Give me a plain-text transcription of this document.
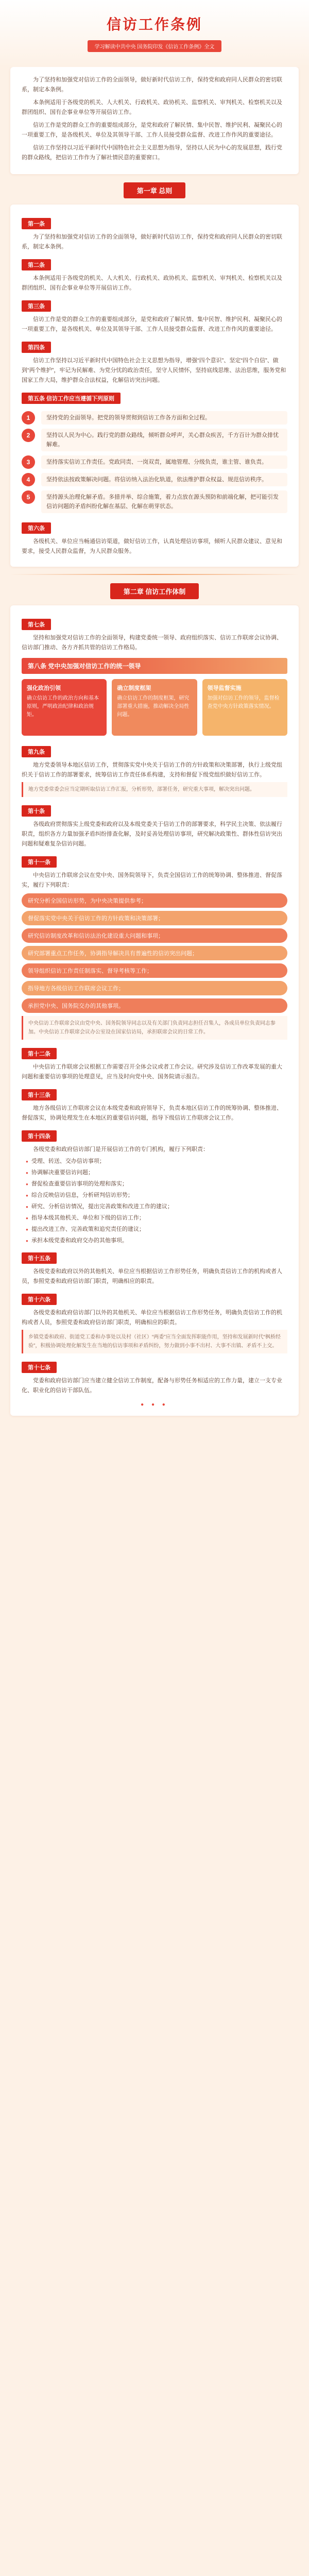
信访工作条例
学习解读中共中央 国务院印发《信访工作条例》全文

为了坚持和加强党对信访工作的全面领导，做好新时代信访工作，保持党和政府同人民群众的密切联系，制定本条例。

本条例适用于各级党的机关、人大机关、行政机关、政协机关、监察机关、审判机关、检察机关以及群团组织、国有企事业单位等开展信访工作。

信访工作是党的群众工作的重要组成部分，是党和政府了解民情、集中民智、维护民利、凝聚民心的一项重要工作，是各级机关、单位及其领导干部、工作人员接受群众监督、改进工作作风的重要途径。

信访工作坚持以习近平新时代中国特色社会主义思想为指导，坚持以人民为中心的发展思想，践行党的群众路线，把信访工作作为了解社情民意的重要窗口。

第一章 总则
第一条

为了坚持和加强党对信访工作的全面领导，做好新时代信访工作，保持党和政府同人民群众的密切联系，制定本条例。

第二条

本条例适用于各级党的机关、人大机关、行政机关、政协机关、监察机关、审判机关、检察机关以及群团组织、国有企事业单位等开展信访工作。

第三条

信访工作是党的群众工作的重要组成部分，是党和政府了解民情、集中民智、维护民利、凝聚民心的一项重要工作，是各级机关、单位及其领导干部、工作人员接受群众监督、改进工作作风的重要途径。

第四条

信访工作坚持以习近平新时代中国特色社会主义思想为指导，增强“四个意识”、坚定“四个自信”、做到“两个维护”，牢记为民解难、为党分忧的政治责任，坚守人民情怀，坚持底线思维、法治思维，服务党和国家工作大局，维护群众合法权益，化解信访突出问题。

第五条 信访工作应当遵循下列原则
1	坚持党的全面领导。把党的领导贯彻到信访工作各方面和全过程。
2	坚持以人民为中心。践行党的群众路线，倾听群众呼声，关心群众疾苦，千方百计为群众排忧解难。
3	坚持落实信访工作责任。党政同责、一岗双责，属地管理、分级负责，谁主管、谁负责。
4	坚持依法按政策解决问题。将信访纳入法治化轨道，依法维护群众权益、规范信访秩序。
5	坚持源头治理化解矛盾。多措并举、综合施策，着力点放在源头预防和前端化解，把可能引发信访问题的矛盾纠纷化解在基层、化解在萌芽状态。
第六条

各级机关、单位应当畅通信访渠道，做好信访工作，认真处理信访事项，倾听人民群众建议、意见和要求，接受人民群众监督，为人民群众服务。

第二章 信访工作体制
第七条

坚持和加强党对信访工作的全面领导，构建党委统一领导、政府组织落实、信访工作联席会议协调、信访部门推动、各方齐抓共管的信访工作格局。

第八条 党中央加强对信访工作的统一领导
强化政治引领
确立信访工作的政治方向和基本原则，严明政治纪律和政治规矩。
确立制度框架
确立信访工作的制度框架，研究部署重大措施，推动解决全局性问题。
领导监督实施
加强对信访工作的领导，监督检查党中央方针政策落实情况。
第九条

地方党委领导本地区信访工作，贯彻落实党中央关于信访工作的方针政策和决策部署，执行上级党组织关于信访工作的部署要求，统筹信访工作责任体系构建，支持和督促下级党组织做好信访工作。

地方党委常委会应当定期听取信访工作汇报，分析形势，部署任务，研究重大事项，解决突出问题。
第十条

各级政府贯彻落实上级党委和政府以及本级党委关于信访工作的部署要求，科学民主决策、依法履行职责，组织各方力量加强矛盾纠纷排查化解，及时妥善处理信访事项，研究解决政策性、群体性信访突出问题和疑难复杂信访问题。

第十一条

中央信访工作联席会议在党中央、国务院领导下，负责全国信访工作的统筹协调、整体推进、督促落实，履行下列职责：

研究分析全国信访形势，为中央决策提供参考；
督促落实党中央关于信访工作的方针政策和决策部署；
研究信访制度改革和信访法治化建设重大问题和事项；
研究部署重点工作任务，协调指导解决具有普遍性的信访突出问题；
领导组织信访工作责任制落实、督导考核等工作；
指导地方各级信访工作联席会议工作；
承担党中央、国务院交办的其他事项。
中央信访工作联席会议由党中央、国务院领导同志以及有关部门负责同志担任召集人，各成员单位负责同志参加。中央信访工作联席会议办公室设在国家信访局，承担联席会议的日常工作。
第十二条

中央信访工作联席会议根据工作需要召开全体会议或者工作会议。研究涉及信访工作改革发展的重大问题和重要信访事项的处理意见，应当及时向党中央、国务院请示报告。

第十三条

地方各级信访工作联席会议在本级党委和政府领导下，负责本地区信访工作的统筹协调、整体推进、督促落实，协调处理发生在本地区的重要信访问题，指导下级信访工作联席会议工作。

第十四条

各级党委和政府信访部门是开展信访工作的专门机构，履行下列职责：

● 受理、转送、交办信访事项；
● 协调解决重要信访问题；
● 督促检查重要信访事项的处理和落实；
● 综合反映信访信息，分析研判信访形势；
● 研究、分析信访情况，提出完善政策和改进工作的建议；
● 指导本级其他机关、单位和下级的信访工作；
● 提出改进工作、完善政策和追究责任的建议；
● 承担本级党委和政府交办的其他事项。
第十五条

各级党委和政府以外的其他机关、单位应当根据信访工作形势任务，明确负责信访工作的机构或者人员，参照党委和政府信访部门职责，明确相应的职责。

第十六条

各级党委和政府信访部门以外的其他机关、单位应当根据信访工作形势任务，明确负责信访工作的机构或者人员，参照党委和政府信访部门职责，明确相应的职责。

乡镇党委和政府、街道党工委和办事处以及村（社区）“两委”应当全面发挥职能作用，坚持和发展新时代“枫桥经验”，积极协调处理化解发生在当地的信访事项和矛盾纠纷，努力做到小事不出村、大事不出镇、矛盾不上交。
第十七条

党委和政府信访部门应当建立健全信访工作制度，配备与形势任务相适应的工作力量，建立一支专业化、职业化的信访干部队伍。

● ● ●
